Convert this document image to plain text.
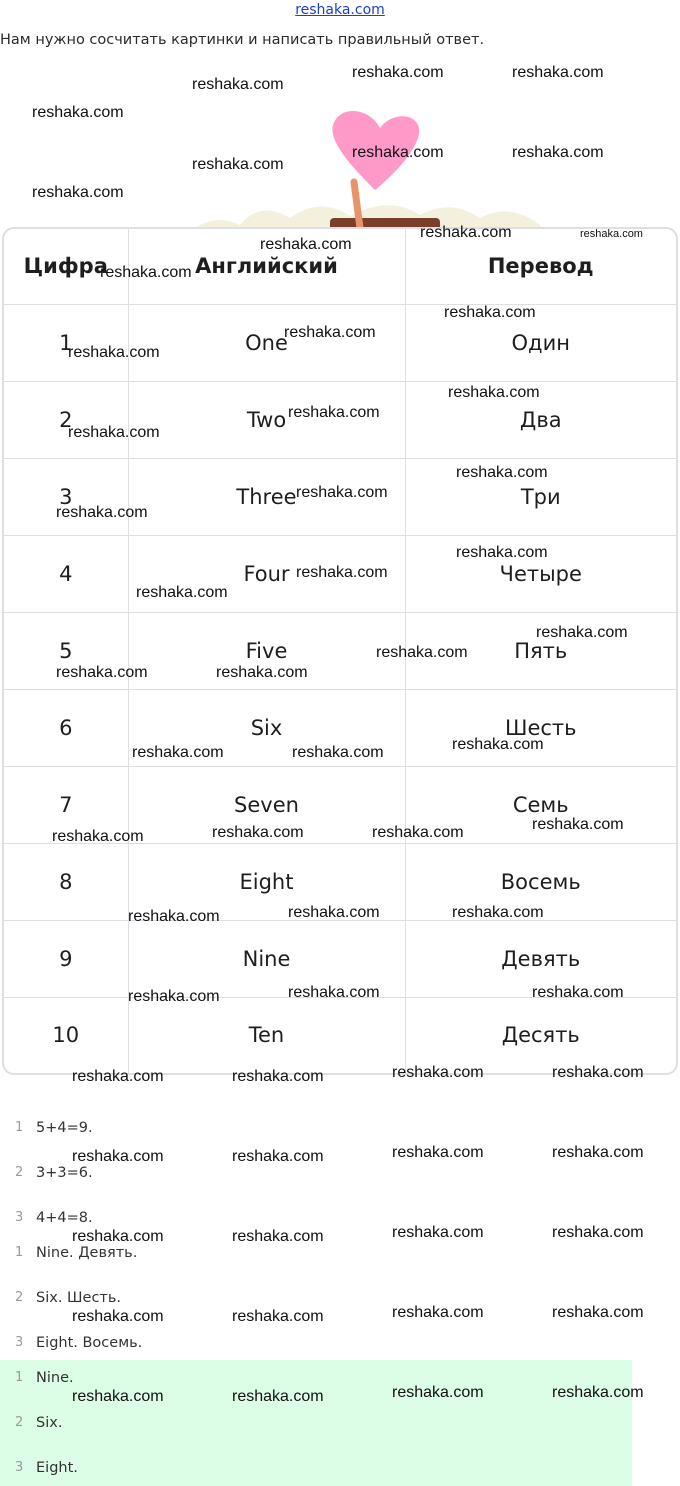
reshaka.com
Нам нужно сосчитать картинки и написать правильный ответ.
Цифра	Английский	Перевод
1	One	Один
2	Two	Два
3	Three	Три
4	Four	Четыре
5	Five	Пять
6	Six	Шесть
7	Seven	Семь
8	Eight	Восемь
9	Nine	Девять
10	Ten	Десять
1 5+4=9.
2 3+3=6.
3 4+4=8.
1 Nine. Девять.
2 Six. Шесть.
3 Eight. Восемь.
1 Nine.
2 Six.
3 Eight.
reshaka.com
reshaka.com	reshaka.com
reshaka.com
reshaka.com
reshaka.com	reshaka.com
reshaka.com
reshaka.com
reshaka.com	reshaka.com
reshaka.com
reshaka.com
reshaka.com
reshaka.com
reshaka.com
reshaka.com
reshaka.com
reshaka.com
reshaka.com
reshaka.com
reshaka.com
reshaka.com
reshaka.com
reshaka.com
reshaka.com
reshaka.com	reshaka.com
reshaka.com
reshaka.com	reshaka.com
reshaka.com
reshaka.com	reshaka.com
reshaka.com
reshaka.com	reshaka.com
reshaka.com
reshaka.com	reshaka.com
reshaka.com
reshaka.com	reshaka.com
reshaka.com	reshaka.com
reshaka.com	reshaka.com
reshaka.com	reshaka.com
reshaka.com	reshaka.com
reshaka.com	reshaka.com
reshaka.com	reshaka.com
reshaka.com	reshaka.com
reshaka.com	reshaka.com
reshaka.com	reshaka.com
